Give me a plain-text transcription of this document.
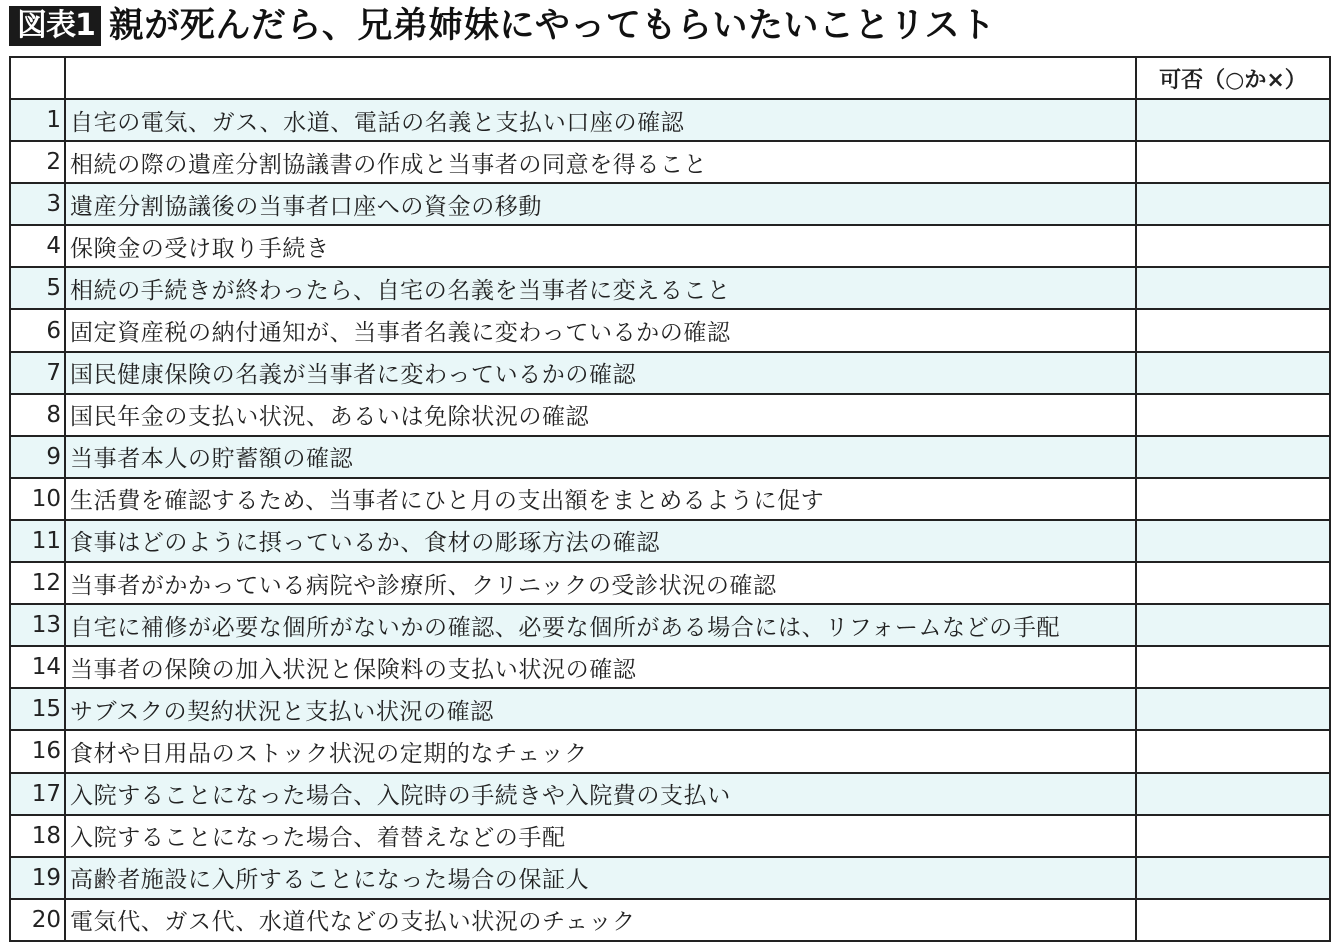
図表1 親が死んだら、兄弟姉妹にやってもらいたいことリスト
		可否（○か×）
1	自宅の電気、ガス、水道、電話の名義と支払い口座の確認	
2	相続の際の遺産分割協議書の作成と当事者の同意を得ること	
3	遺産分割協議後の当事者口座への資金の移動	
4	保険金の受け取り手続き	
5	相続の手続きが終わったら、自宅の名義を当事者に変えること	
6	固定資産税の納付通知が、当事者名義に変わっているかの確認	
7	国民健康保険の名義が当事者に変わっているかの確認	
8	国民年金の支払い状況、あるいは免除状況の確認	
9	当事者本人の貯蓄額の確認	
10	生活費を確認するため、当事者にひと月の支出額をまとめるように促す	
11	食事はどのように摂っているか、食材の彫琢方法の確認	
12	当事者がかかっている病院や診療所、クリニックの受診状況の確認	
13	自宅に補修が必要な個所がないかの確認、必要な個所がある場合には、リフォームなどの手配	
14	当事者の保険の加入状況と保険料の支払い状況の確認	
15	サブスクの契約状況と支払い状況の確認	
16	食材や日用品のストック状況の定期的なチェック	
17	入院することになった場合、入院時の手続きや入院費の支払い	
18	入院することになった場合、着替えなどの手配	
19	高齢者施設に入所することになった場合の保証人	
20	電気代、ガス代、水道代などの支払い状況のチェック	
